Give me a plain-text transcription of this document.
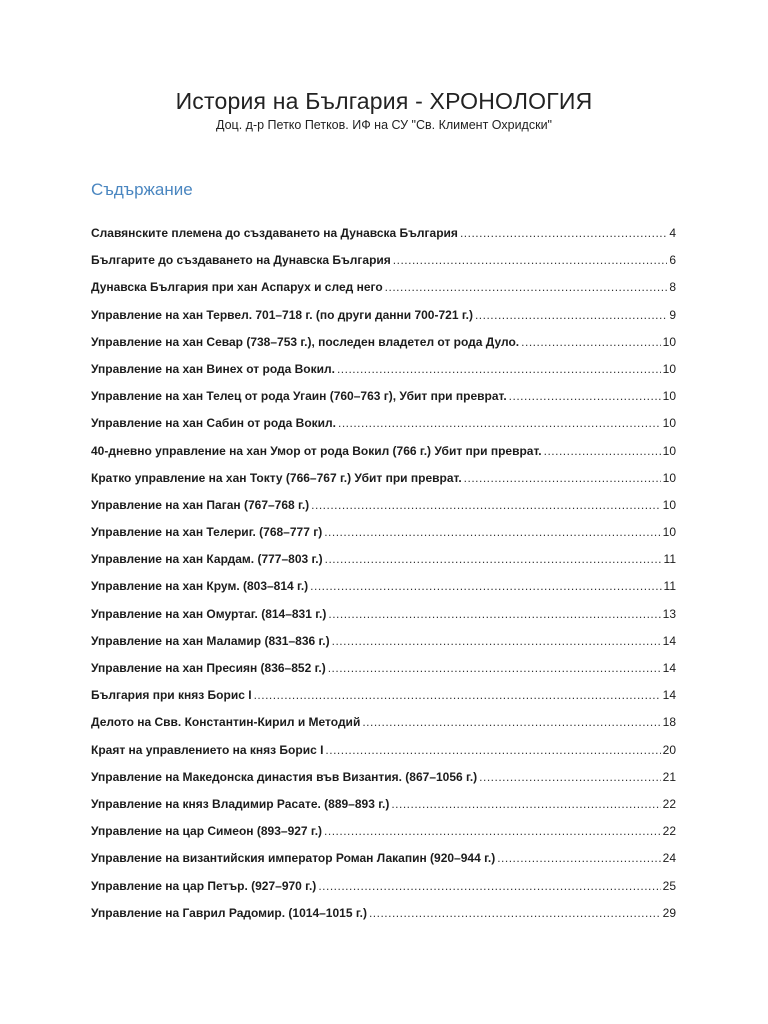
История на България - ХРОНОЛОГИЯ
Доц. д-р Петко Петков. ИФ на СУ "Св. Климент Охридски"
Съдържание
Славянските племена до създаването на Дунавска България .....	4
Българите до създаването на Дунавска България .....	6
Дунавска България при хан Аспарух и след него .....	8
Управление на хан Тервел. 701–718 г. (по други данни 700-721 г.) .....	9
Управление на хан Севар (738–753 г.), последен владетел от рода Дуло. .....	10
Управление на хан Винех от рода Вокил. .....	10
Управление на хан Телец от рода Угаин (760–763 г), Убит при преврат. .....	10
Управление на хан Сабин от рода Вокил. .....	10
40-дневно управление на хан Умор от рода Вокил (766 г.) Убит при преврат. .....	10
Кратко управление на хан Токту (766–767 г.) Убит при преврат. .....	10
Управление на хан Паган (767–768 г.) .....	10
Управление на хан Телериг. (768–777 г) .....	10
Управление на хан Кардам. (777–803 г.) .....	11
Управление на хан Крум. (803–814 г.) .....	11
Управление на хан Омуртаг. (814–831 г.) .....	13
Управление на хан Маламир (831–836 г.) .....	14
Управление на хан Пресиян (836–852 г.) .....	14
България при княз Борис I .....	14
Делото на Свв. Константин-Кирил и Методий .....	18
Краят на управлението на княз Борис I .....	20
Управление на Македонска династия във Византия. (867–1056 г.) .....	21
Управление на княз Владимир Расате. (889–893 г.) .....	22
Управление на цар Симеон (893–927 г.) .....	22
Управление на византийския император Роман Лакапин (920–944 г.) .....	24
Управление на цар Петър. (927–970 г.) .....	25
Управление на Гаврил Радомир. (1014–1015 г.) .....	29
